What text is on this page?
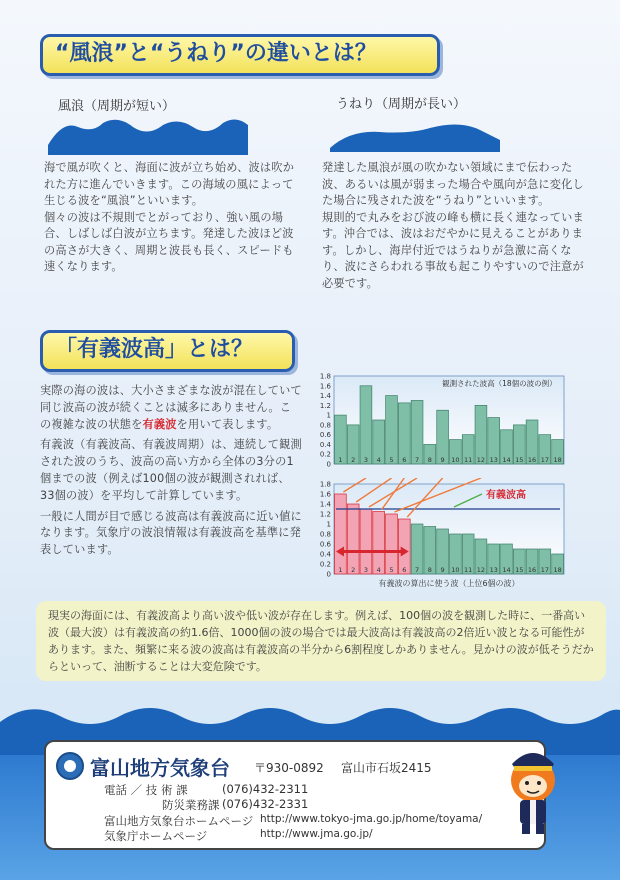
“風浪”と“うねり”の違いとは？
風浪（周期が短い）	うねり（周期が長い）

海で風が吹くと、海面に波が立ち始め、波は吹かれた方に進んでいきます。この海域の風によって生じる波を“風浪”といいます。

個々の波は不規則でとがっており、強い風の場合、しばしば白波が立ちます。発達した波ほど波の高さが大きく、周期と波長も長く、スピードも速くなります。

発達した風浪が風の吹かない領域にまで伝わった波、あるいは風が弱まった場合や風向が急に変化した場合に残された波を“うねり”といいます。

規則的で丸みをおび波の峰も横に長く連なっています。沖合では、波はおだやかに見えることがあります。しかし、海岸付近ではうねりが急激に高くなり、波にさらわれる事故も起こりやすいので注意が必要です。

「有義波高」とは？

実際の海の波は、大小さまざまな波が混在していて同じ波高の波が続くことは滅多にありません。この複雑な波の状態を有義波を用いて表します。

有義波（有義波高、有義波周期）は、連続して観測された波のうち、波高の高い方から全体の3分の1個までの波（例えば100個の波が観測されれば、33個の波）を平均して計算しています。

一般に人間が目で感じる波高は有義波高に近い値になります。気象庁の波浪情報は有義波高を基準に発表しています。

0
0.2
0.4
0.6
0.8
1
1.2
1.4
1.6
1.8
1 2 3 4 5 6 7 8 9 10 11 12 13 14 15 16 17 18
観測された波高（18個の波の例）
0
0.2
0.4
0.6
0.8
1
1.2
1.4
1.6
1.8
1 2 3 4 5 6 7 8 9 10 11 12 13 14 15 16 17 18
有義波高
有義波の算出に使う波（上位6個の波）
現実の海面には、有義波高より高い波や低い波が存在します。例えば、100個の波を観測した時に、一番高い波（最大波）は有義波高の約1.6倍、1000個の波の場合では最大波高は有義波高の2倍近い波となる可能性があります。また、頻繁に来る波の波高は有義波高の半分から6割程度しかありません。見かけの波が低そうだからといって、油断することは大変危険です。
富山地方気象台 〒930-0892 富山市石坂2415
電話 ／ 技 術 課	(076)432-2311
防災業務課 (076)432-2331
富山地方気象台ホームページ http://www.tokyo-jma.go.jp/home/toyama/
気象庁ホームページ	http://www.jma.go.jp/
